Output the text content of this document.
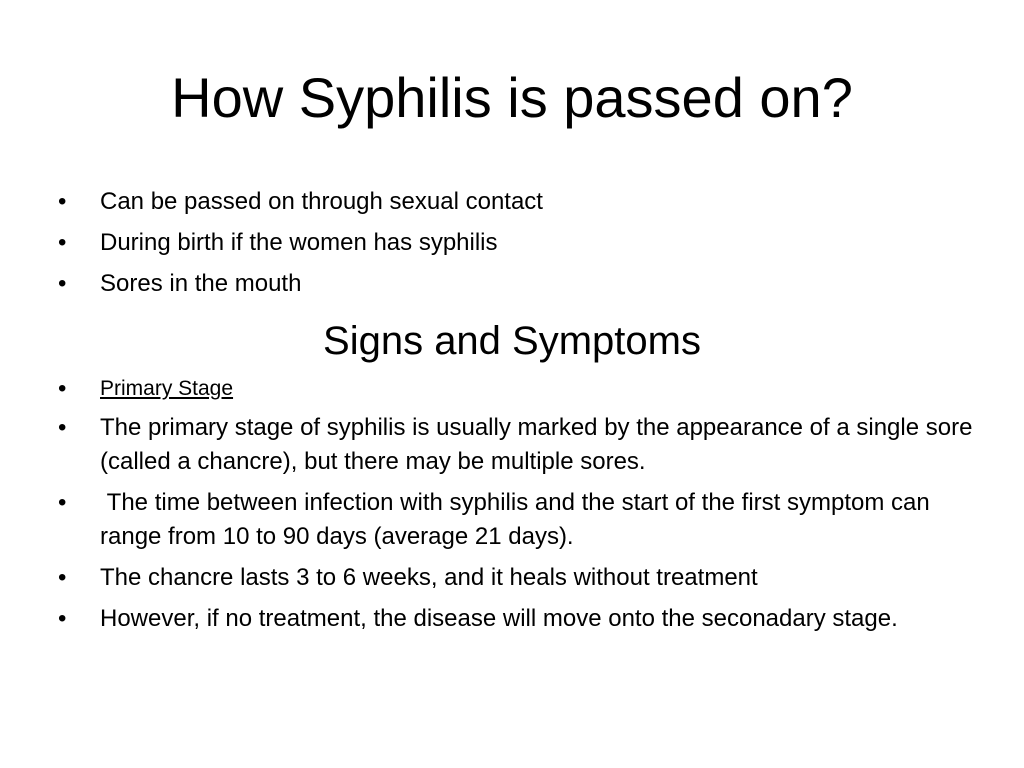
How Syphilis is passed on?
•	Can be passed on through sexual contact
•	During birth if the women has syphilis
•	Sores in the mouth
Signs and Symptoms
•	Primary Stage
•	The primary stage of syphilis is usually marked by the appearance of a single sore (called a chancre), but there may be multiple sores.
•	The time between infection with syphilis and the start of the first symptom can range from 10 to 90 days (average 21 days).
•	The chancre lasts 3 to 6 weeks, and it heals without treatment
•	However, if no treatment, the disease will move onto the seconadary stage.
